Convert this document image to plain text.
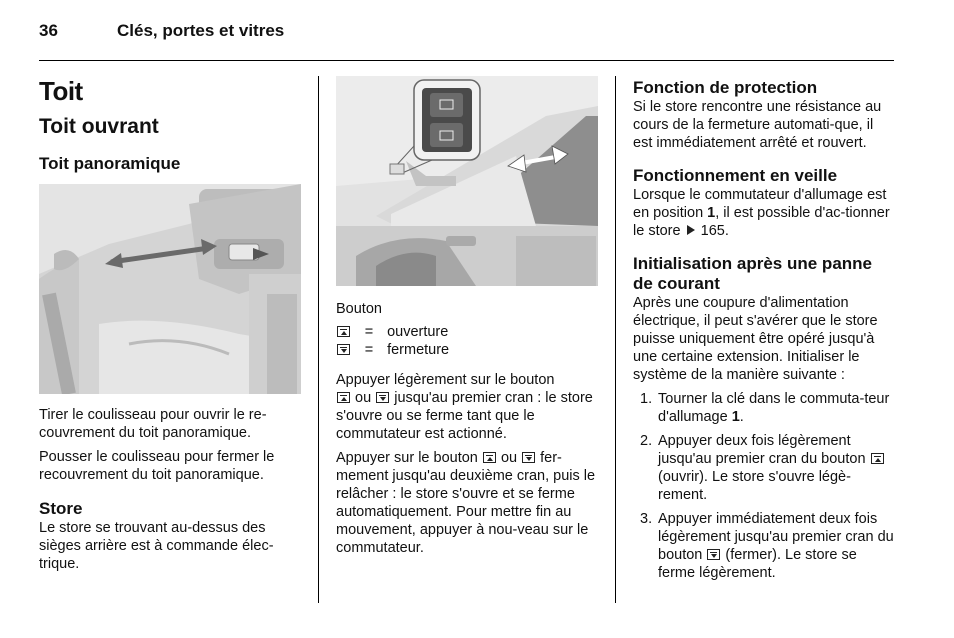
36	Clés, portes et vitres
Toit
Toit ouvrant
Toit panoramique

Tirer le coulisseau pour ouvrir le re-couvrement du toit panoramique.

Pousser le coulisseau pour fermer le recouvrement du toit panoramique.

Store
Le store se trouvant au-dessus des sièges arrière est à commande élec-trique.
Bouton
= ouverture
= fermeture

Appuyer légèrement sur le bouton
ou jusqu'au premier cran : le store s'ouvre ou se ferme tant que le commutateur est actionné.

Appuyer sur le bouton ou fer-mement jusqu'au deuxième cran, puis le relâcher : le store s'ouvre et se ferme automatiquement. Pour mettre fin au mouvement, appuyer à nou-veau sur le commutateur.

Fonction de protection
Si le store rencontre une résistance au cours de la fermeture automati-que, il est immédiatement arrêté et rouvert.
Fonctionnement en veille
Lorsque le commutateur d'allumage est en position 1, il est possible d'ac-tionner le store 165.
Initialisation après une panne de courant
Après une coupure d'alimentation électrique, il peut s'avérer que le store puisse uniquement être opéré jusqu'à une certaine extension. Initialiser le système de la manière suivante :
1. Tourner la clé dans le commuta-teur d'allumage 1.
2. Appuyer deux fois légèrement jusqu'au premier cran du bouton  (ouvrir). Le store s'ouvre légè-rement.
3. Appuyer immédiatement deux fois légèrement jusqu'au premier cran du bouton (fermer). Le store se ferme légèrement.
